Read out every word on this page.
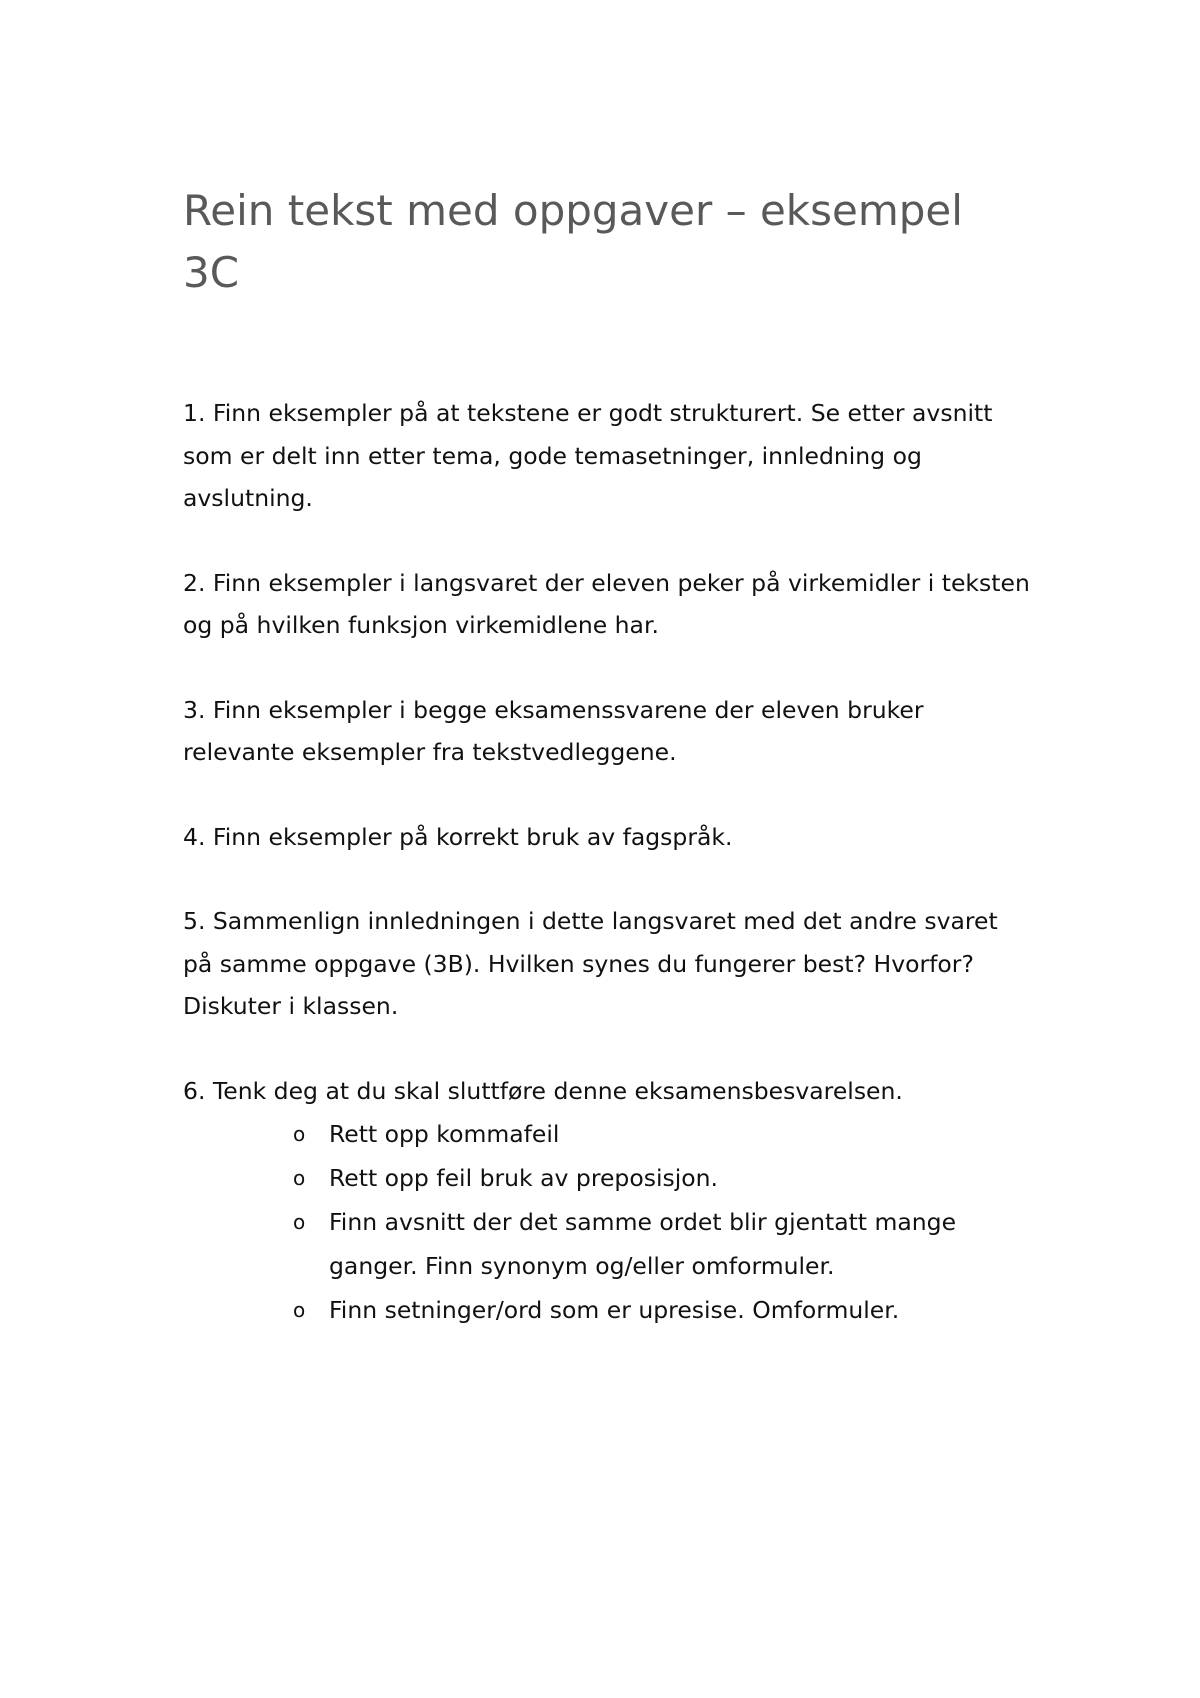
Rein tekst med oppgaver – eksempel 3C

1. Finn eksempler på at tekstene er godt strukturert. Se etter avsnitt som er delt inn etter tema, gode temasetninger, innledning og avslutning.

2. Finn eksempler i langsvaret der eleven peker på virkemidler i teksten og på hvilken funksjon virkemidlene har.

3. Finn eksempler i begge eksamenssvarene der eleven bruker relevante eksempler fra tekstvedleggene.

4. Finn eksempler på korrekt bruk av fagspråk.

5. Sammenlign innledningen i dette langsvaret med det andre svaret på samme oppgave (3B). Hvilken synes du fungerer best? Hvorfor? Diskuter i klassen.

6. Tenk deg at du skal sluttføre denne eksamensbesvarelsen.

o Rett opp kommafeil
o Rett opp feil bruk av preposisjon.
o Finn avsnitt der det samme ordet blir gjentatt mange ganger. Finn synonym og/eller omformuler.
o Finn setninger/ord som er upresise. Omformuler.
